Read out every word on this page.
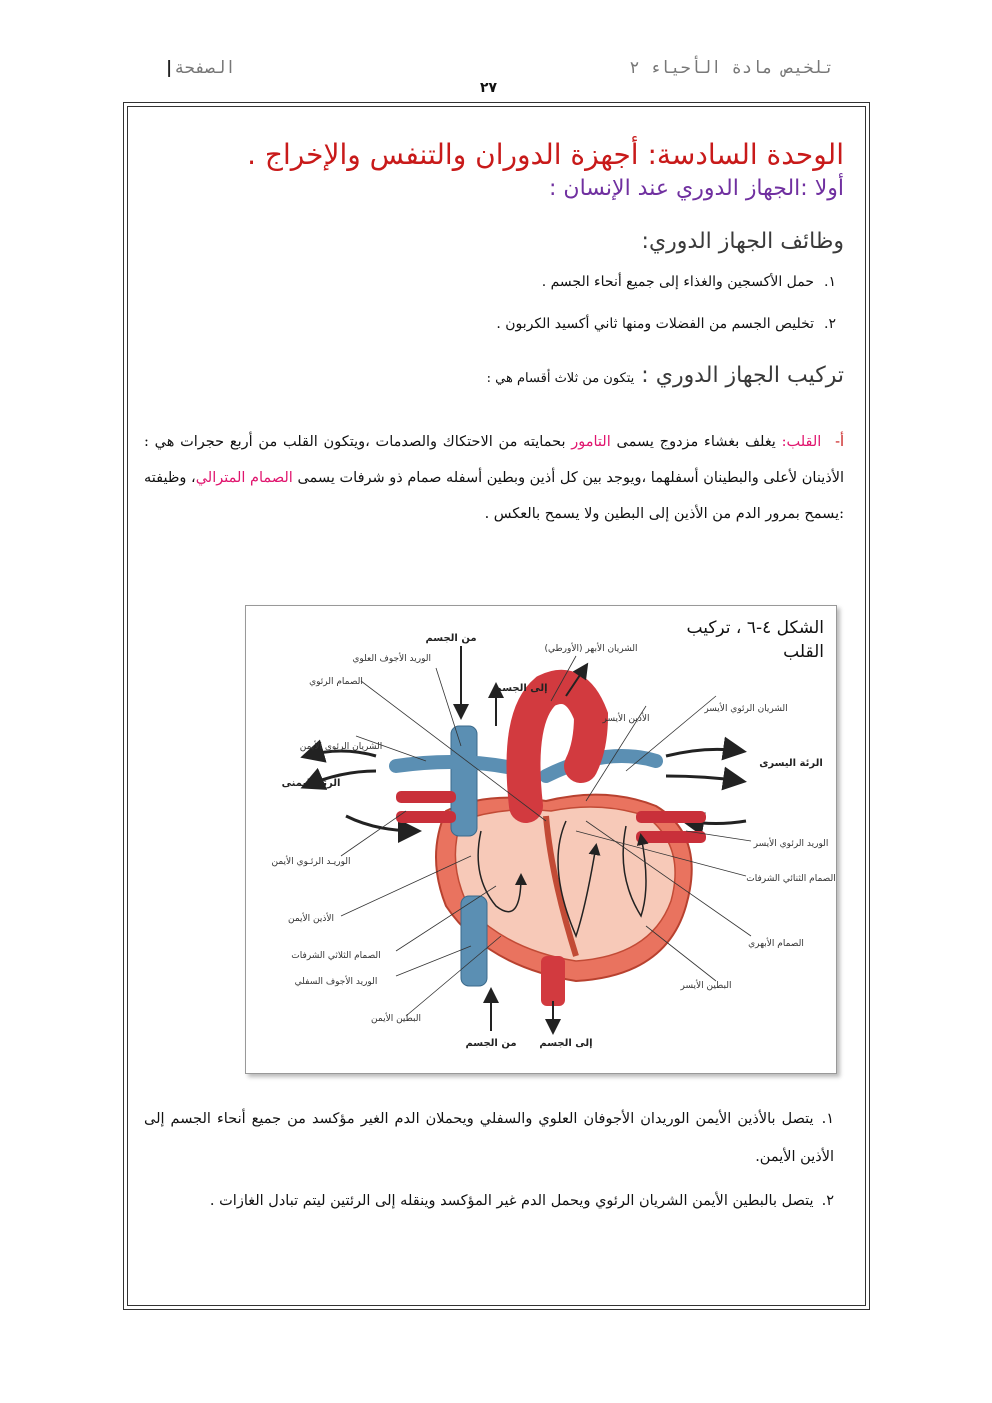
تلخيص مادة الأحياء ٢
الصفحة|
٢٧
الوحدة السادسة: أجهزة الدوران والتنفس والإخراج .
أولا :الجهاز الدوري عند الإنسان :
وظائف الجهاز الدوري:
١.حمل الأكسجين والغذاء إلى جميع أنحاء الجسم .
٢.تخليص الجسم من الفضلات ومنها ثاني أكسيد الكربون .
تركيب الجهاز الدوري : يتكون من ثلاث أقسام هي :
أ- القلب: يغلف بغشاء مزدوج يسمى التامور بحمايته من الاحتكاك والصدمات ،ويتكون القلب من أربع حجرات هي : الأذينان لأعلى والبطينان أسفلهما ،ويوجد بين كل أذين وبطين أسفله صمام ذو شرفات يسمى الصمام المترالي، وظيفته :يسمح بمرور الدم من الأذين إلى البطين ولا يسمح بالعكس .
الشكل ٤-٦ ، تركيب القلب
الوريد الأجوف العلوي
الصمام الرئوي
من الجسم
إلى الجسم
الشريان الأبهر (الأورطي)
الأذين الأيسر
الشريان الرئوي الأيسر
الرئة اليسرى
الشريان الرئوي الأيمن
الرئة اليمنى
الوريد الرئوي الأيسر
الصمام الثنائي الشرفات
الوريـد الرئـوي الأيمن
الأذين الأيمن
الصمام الأبهري
الصمام الثلاثي الشرفات
الوريد الأجوف السفلي	البطين الأيسر
البطين الأيمن
من الجسم إلى الجسم
١.يتصل بالأذين الأيمن الوريدان الأجوفان العلوي والسفلي ويحملان الدم الغير مؤكسد من جميع أنحاء الجسم إلى الأذين الأيمن.
٢.يتصل بالبطين الأيمن الشريان الرئوي ويحمل الدم غير المؤكسد وينقله إلى الرئتين ليتم تبادل الغازات .
